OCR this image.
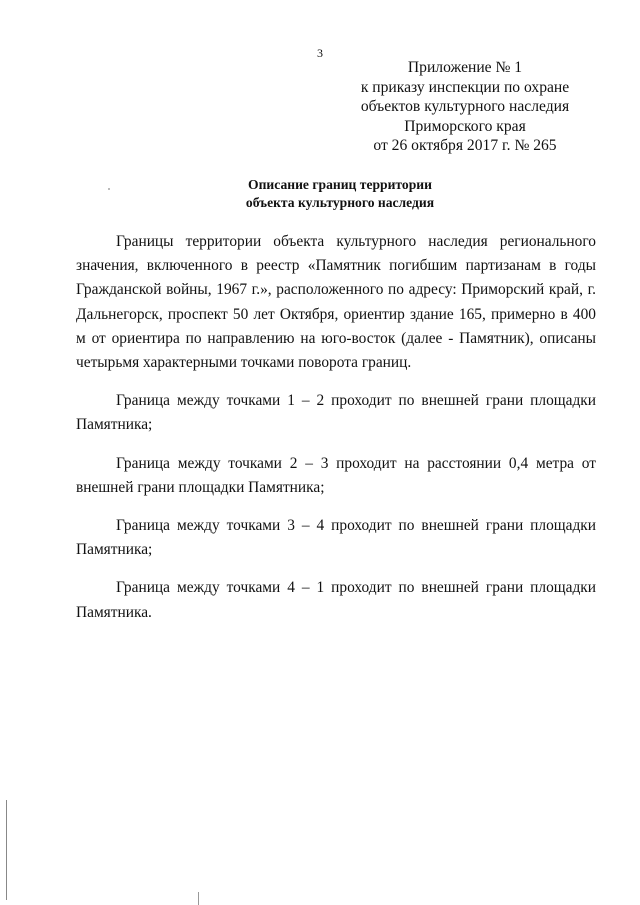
3
Приложение № 1
к приказу инспекции по охране
объектов культурного наследия
Приморского края
от 26 октября 2017 г. № 265
Описание границ территории
объекта культурного наследия

Границы территории объекта культурного наследия регионального значения, включенного в реестр «Памятник погибшим партизанам в годы Гражданской войны, 1967 г.», расположенного по адресу: Приморский край, г. Дальнегорск, проспект 50 лет Октября, ориентир здание 165, примерно в 400 м от ориентира по направлению на юго-восток (далее - Памятник), описаны четырьмя характерными точками поворота границ.

Граница между точками 1 – 2 проходит по внешней грани площадки Памятника;

Граница между точками 2 – 3 проходит на расстоянии 0,4 метра от внешней грани площадки Памятника;

Граница между точками 3 – 4 проходит по внешней грани площадки Памятника;

Граница между точками 4 – 1 проходит по внешней грани площадки Памятника.
